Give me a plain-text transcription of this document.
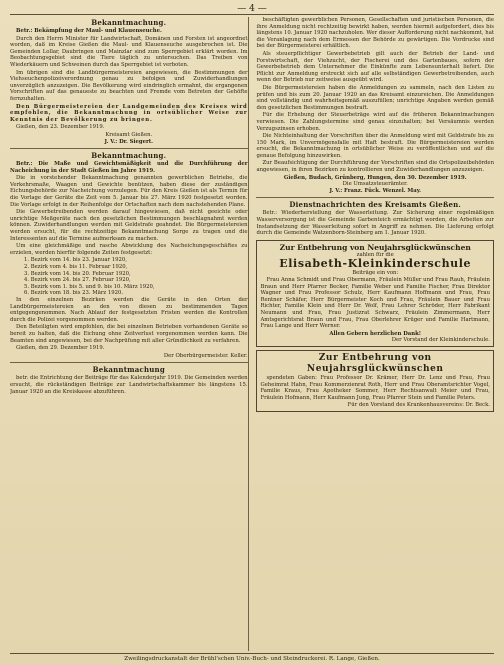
— 4 —
Bekanntmachung.

Betr.: Bekämpfung der Maul- und Klauenseuche.

Durch den Herrn Minister für Landwirtschaft, Domänen und Forsten ist angeordnet worden, daß im Kreise Gießen die Maul- und Klauenseuche ausgebrochen ist. Die Gemeinden Lollar, Daubringen und Mainzlar sind zum Sperrgebiet erklärt worden. Im Beobachtungsgebiet sind die Tiere täglich zu untersuchen. Das Treiben von Wiederkäuern und Schweinen durch das Sperrgebiet ist verboten.

Im übrigen sind die Landbürgermeistereien angewiesen, die Bestimmungen der Viehseuchenpolizeiverordnung genau zu befolgen und Zuwiderhandlungen unverzüglich anzuzeigen. Die Bevölkerung wird eindringlich ermahnt, die ergangenen Vorschriften auf das genaueste zu beachten und Fremde vom Betreten der Gehöfte fernzuhalten.

Den Bürgermeistereien der Landgemeinden des Kreises wird empfohlen, die Bekanntmachung in ortsüblicher Weise zur Kenntnis der Bevölkerung zu bringen.

Gießen, den 23. Dezember 1919.

Kreisamt Gießen.
J. V.: Dr. Siegert.
Bekanntmachung.

Betr.: Die Maße und Gewichtsmäßigkeit und die Durchführung der Nacheichung in der Stadt Gießen im Jahre 1919.

Die in vorstehender Bekanntmachung genannten gewerblichen Betriebe, die Verkehrsmaße, Waagen und Gewichte benützen, haben diese der zuständigen Eichungsbehörde zur Nacheichung vorzulegen. Für den Kreis Gießen ist als Termin für die Vorlage der Geräte die Zeit vom 5. Januar bis 27. März 1920 festgesetzt worden. Die Vorlage erfolgt in der Reihenfolge der Ortschaften nach dem nachstehenden Plane.

Die Gewerbetreibenden werden darauf hingewiesen, daß nicht geeichte oder unrichtige Meßgeräte nach den gesetzlichen Bestimmungen beschlagnahmt werden können. Zuwiderhandlungen werden mit Geldstrafe geahndet. Die Bürgermeistereien werden ersucht, für die rechtzeitige Bekanntmachung Sorge zu tragen und die Interessenten auf die Termine aufmerksam zu machen.

Um eine gleichmäßige und rasche Abwicklung des Nacheichungsgeschäftes zu erzielen, werden hierfür folgende Zeiten festgesetzt:

1. Bezirk vom 14. bis 23. Januar 1920,
2. Bezirk vom 4. bis 11. Februar 1920,
3. Bezirk vom 14. bis 20. Februar 1920,
4. Bezirk vom 24. bis 27. Februar 1920,
5. Bezirk vom 1. bis 5. und 9. bis 10. März 1920,
6. Bezirk vom 18. bis 23. März 1920.

In den einzelnen Bezirken werden die Geräte in den Orten der Landbürgermeistereien an den von diesen zu bestimmenden Tagen entgegengenommen. Nach Ablauf der festgesetzten Fristen werden die Kontrollen durch die Polizei vorgenommen werden.

Den Beteiligten wird empfohlen, die bei einzelnen Betrieben vorhandenen Geräte so bereit zu halten, daß die Eichung ohne Zeitverlust vorgenommen werden kann. Die Beamten sind angewiesen, bei der Nachprüfung mit aller Gründlichkeit zu verfahren.

Gießen, den 29. Dezember 1919.

Der Oberbürgermeister. Keller.
Bekanntmachung

betr. die Entrichtung der Beiträge für das Kalenderjahr 1919. Die Gemeinden werden ersucht, die rückständigen Beiträge zur Landwirtschaftskammer bis längstens 15. Januar 1920 an die Kreiskasse abzuführen.

beschäftigten gewerblichen Personen, Gesellschaften und juristischen Personen, die ihre Anmeldung nicht rechtzeitig bewirkt haben, werden hiermit aufgefordert, dies bis längstens 10. Januar 1920 nachzuholen. Wer dieser Aufforderung nicht nachkommt, hat die Veranlagung nach dem Ermessen der Behörde zu gewärtigen. Die Vordrucke sind bei der Bürgermeisterei erhältlich.

Als steuerpflichtiger Gewerbebetrieb gilt auch der Betrieb der Land- und Forstwirtschaft, der Viehzucht, der Fischerei und des Gartenbaues, sofern der Gewerbebetrieb dem Unternehmer die Einkünfte zum Lebensunterhalt liefert. Die Pflicht zur Anmeldung erstreckt sich auf alle selbständigen Gewerbetreibenden, auch wenn der Betrieb nur zeitweise ausgeübt wird.

Die Bürgermeistereien haben die Anmeldungen zu sammeln, nach den Listen zu prüfen und bis zum 20. Januar 1920 an das Kreisamt einzureichen. Die Anmeldungen sind vollständig und wahrheitsgemäß auszufüllen; unrichtige Angaben werden gemäß den gesetzlichen Bestimmungen bestraft.

Für die Erhebung der Steuerbeträge wird auf die früheren Bekanntmachungen verwiesen. Die Zahlungstermine sind genau einzuhalten; bei Versäumnis werden Verzugszinsen erhoben.

Die Nichteinhaltung der Vorschriften über die Anmeldung wird mit Geldstrafe bis zu 150 Mark, im Unvermögensfalle mit Haft bestraft. Die Bürgermeistereien werden ersucht, die Bekanntmachung in ortsüblicher Weise zu veröffentlichen und auf die genaue Befolgung hinzuwirken.

Zur Beaufsichtigung der Durchführung der Vorschriften sind die Ortspolizeibehörden angewiesen, in ihren Bezirken zu kontrollieren und Zuwiderhandlungen anzuzeigen.

Gießen, Budach, Grünberg, Hungen, den 30. Dezember 1919.
Die Umsatzsteuerämter.
J. V.: Franz. Fück. Wenzel. May.
Dienstnachrichten des Kreisamts Gießen.

Betr.: Wiederherstellung der Wasserleitung. Zur Sicherung einer regelmäßigen Wasserversorgung ist die Gemeinde Garbenteich ermächtigt worden, die Arbeiten zur Instandsetzung der Wasserleitung sofort in Angriff zu nehmen. Die Lieferung erfolgt durch die Gemeinde Watzenborn-Steinberg am 1. Januar 1920.

Zur Entbehrung von Neujahrsglückwünschen
zahlen für die
Elisabeth-Kleinkinderschule
Beiträge ein von:

Frau Anna Schmidt und Frau Obermann, Fräulein Müller und Frau Rauh, Fräulein Braun und Herr Pfarrer Becker, Familie Weber und Familie Fischer, Frau Direktor Wagner und Frau Professor Schulz, Herr Kaufmann Hoffmann und Frau, Frau Rentner Schäfer, Herr Bürgermeister Koch und Frau, Fräulein Bauer und Frau Richter, Familie Klein und Herr Dr. Wolf, Frau Lehrer Schröder, Herr Fabrikant Neumann und Frau, Frau Justizrat Schwarz, Fräulein Zimmermann, Herr Amtsgerichtsrat Braun und Frau, Frau Oberlehrer Krüger und Familie Hartmann, Frau Lange und Herr Werner.

Allen Gebern herzlichen Dank!
Der Vorstand der Kleinkinderschule.
Zur Entbehrung von Neujahrsglückwünschen

spendeten Gaben: Frau Professor Dr. Krämer, Herr Dr. Lenz und Frau, Frau Geheimrat Hahn, Frau Kommerzienrat Roth, Herr und Frau Oberamtsrichter Vogel, Familie Kraus, Frau Apotheker Sommer, Herr Rechtsanwalt Meier und Frau, Fräulein Hofmann, Herr Kaufmann Jung, Frau Pfarrer Stein und Familie Peters.

Für den Vorstand des Krankenhausvereins: Dr. Beck.
Zweilingsdruckanstalt der Brühl'schen Univ.-Buch- und Steindruckerei. R. Lange, Gießen.
